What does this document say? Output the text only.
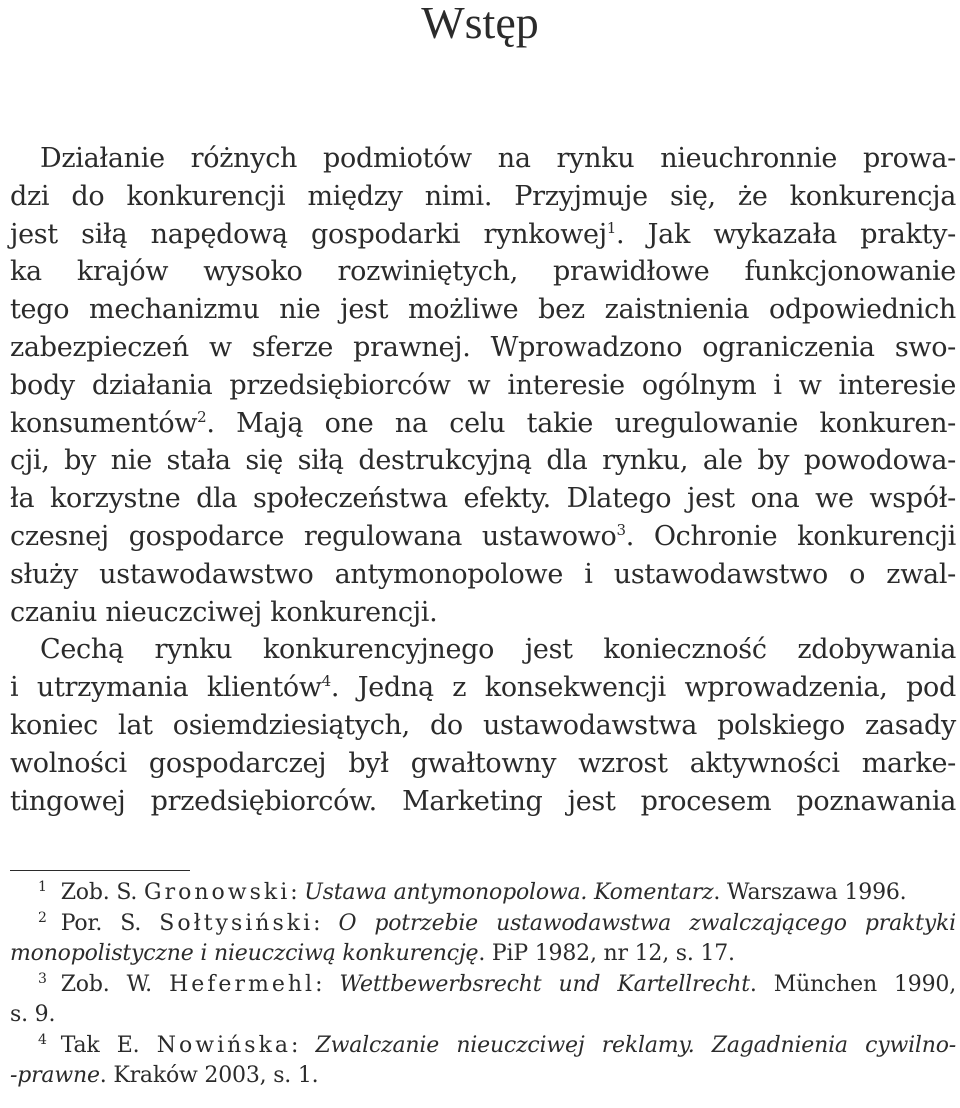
Wstęp
Działanie różnych podmiotów na rynku nieuchronnie prowa-
dzi do konkurencji między nimi. Przyjmuje się, że konkurencja
jest siłą napędową gospodarki rynkowej$^1$. Jak wykazała prakty-
ka krajów wysoko rozwiniętych, prawidłowe funkcjonowanie
tego mechanizmu nie jest możliwe bez zaistnienia odpowiednich
zabezpieczeń w sferze prawnej. Wprowadzono ograniczenia swo-
body działania przedsiębiorców w interesie ogólnym i w interesie
konsumentów$^2$. Mają one na celu takie uregulowanie konkuren-
cji, by nie stała się siłą destrukcyjną dla rynku, ale by powodowa-
ła korzystne dla społeczeństwa efekty. Dlatego jest ona we współ-
czesnej gospodarce regulowana ustawowo$^3$. Ochronie konkurencji
służy ustawodawstwo antymonopolowe i ustawodawstwo o zwal-
czaniu nieuczciwej konkurencji.
Cechą rynku konkurencyjnego jest konieczność zdobywania
i utrzymania klientów$^4$. Jedną z konsekwencji wprowadzenia, pod
koniec lat osiemdziesiątych, do ustawodawstwa polskiego zasady
wolności gospodarczej był gwałtowny wzrost aktywności marke-
tingowej przedsiębiorców. Marketing jest procesem poznawania
$^1$ Zob. S. Gronowski: Ustawa antymonopolowa. Komentarz. Warszawa 1996.
$^2$ Por. S. Sołtysiński: O potrzebie ustawodawstwa zwalczającego praktyki
monopolistyczne i nieuczciwą konkurencję. PiP 1982, nr 12, s. 17.
$^3$ Zob. W. Hefermehl: Wettbewerbsrecht und Kartellrecht. München 1990,
s. 9.
$^4$ Tak E. Nowińska: Zwalczanie nieuczciwej reklamy. Zagadnienia cywilno-
-prawne. Kraków 2003, s. 1.
